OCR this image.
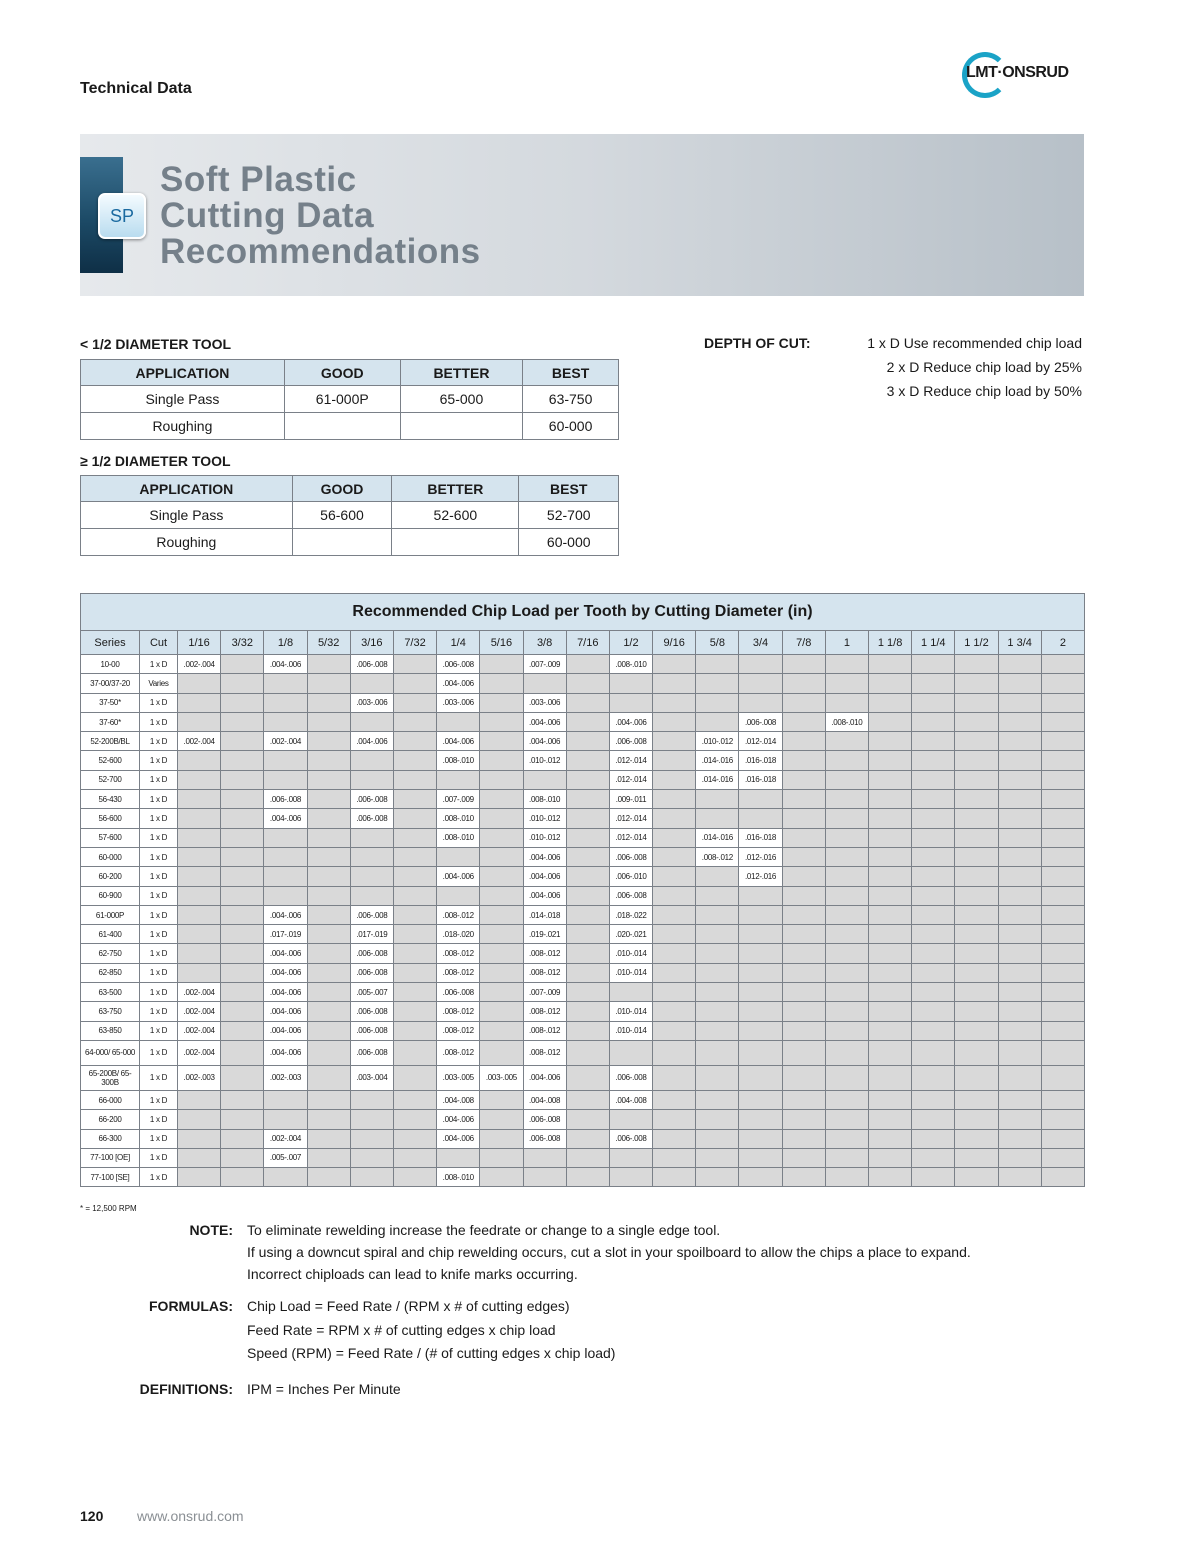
Technical Data
LMT·ONSRUD
SP
Soft Plastic
Cutting Data
Recommendations
< 1/2 DIAMETER TOOL
APPLICATION	GOOD	BETTER	BEST
Single Pass	61-000P	65-000	63-750
Roughing			60-000
≥ 1/2 DIAMETER TOOL
APPLICATION	GOOD	BETTER	BEST
Single Pass	56-600	52-600	52-700
Roughing			60-000
DEPTH OF CUT:	1 x D Use recommended chip load
2 x D Reduce chip load by 25%
3 x D Reduce chip load by 50%
Recommended Chip Load per Tooth by Cutting Diameter (in)																						
Series	Cut	1/16	3/32	1/8	5/32	3/16	7/32	1/4	5/16	3/8	7/16	1/2	9/16	5/8	3/4	7/8	1	1 1/8	1 1/4	1 1/2	1 3/4	2
10-00	1 x D	.002-.004		.004-.006		.006-.008		.006-.008		.007-.009		.008-.010										
37-00/37-20	Varies							.004-.006														
37-50*	1 x D					.003-.006		.003-.006		.003-.006												
37-60*	1 x D									.004-.006		.004-.006			.006-.008		.008-.010					
52-200B/BL	1 x D	.002-.004		.002-.004		.004-.006		.004-.006		.004-.006		.006-.008		.010-.012	.012-.014							
52-600	1 x D							.008-.010		.010-.012		.012-.014		.014-.016	.016-.018							
52-700	1 x D											.012-.014		.014-.016	.016-.018							
56-430	1 x D			.006-.008		.006-.008		.007-.009		.008-.010		.009-.011										
56-600	1 x D			.004-.006		.006-.008		.008-.010		.010-.012		.012-.014										
57-600	1 x D							.008-.010		.010-.012		.012-.014		.014-.016	.016-.018							
60-000	1 x D									.004-.006		.006-.008		.008-.012	.012-.016							
60-200	1 x D							.004-.006		.004-.006		.006-.010			.012-.016							
60-900	1 x D									.004-.006		.006-.008										
61-000P	1 x D			.004-.006		.006-.008		.008-.012		.014-.018		.018-.022										
61-400	1 x D			.017-.019		.017-.019		.018-.020		.019-.021		.020-.021										
62-750	1 x D			.004-.006		.006-.008		.008-.012		.008-.012		.010-.014										
62-850	1 x D			.004-.006		.006-.008		.008-.012		.008-.012		.010-.014										
63-500	1 x D	.002-.004		.004-.006		.005-.007		.006-.008		.007-.009												
63-750	1 x D	.002-.004		.004-.006		.006-.008		.008-.012		.008-.012		.010-.014										
63-850	1 x D	.002-.004		.004-.006		.006-.008		.008-.012		.008-.012		.010-.014										
64-000/ 65-000	1 x D	.002-.004		.004-.006		.006-.008		.008-.012		.008-.012												
65-200B/ 65-300B	1 x D	.002-.003		.002-.003		.003-.004		.003-.005	.003-.005	.004-.006		.006-.008										
66-000	1 x D							.004-.008		.004-.008		.004-.008										
66-200	1 x D							.004-.006		.006-.008												
66-300	1 x D			.002-.004				.004-.006		.006-.008		.006-.008										
77-100 [OE]	1 x D			.005-.007																		
77-100 [SE]	1 x D							.008-.010														
* = 12,500 RPM
NOTE: To eliminate rewelding increase the feedrate or change to a single edge tool.
If using a downcut spiral and chip rewelding occurs, cut a slot in your spoilboard to allow the chips a place to expand.
Incorrect chiploads can lead to knife marks occurring.
FORMULAS: Chip Load = Feed Rate / (RPM x # of cutting edges)
Feed Rate = RPM x # of cutting edges x chip load
Speed (RPM) = Feed Rate / (# of cutting edges x chip load)
DEFINITIONS: IPM = Inches Per Minute
120 www.onsrud.com
